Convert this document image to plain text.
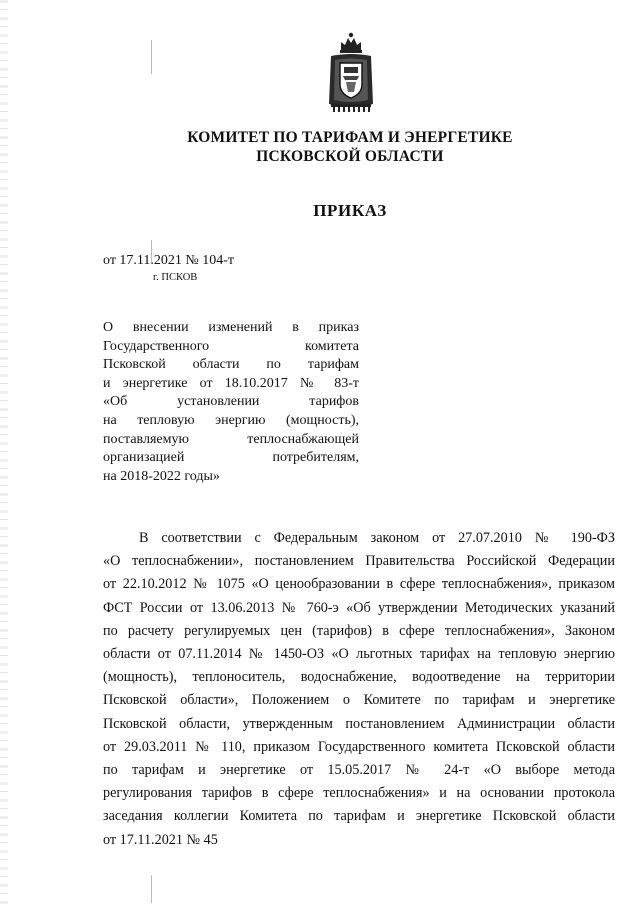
КОМИТЕТ ПО ТАРИФАМ И ЭНЕРГЕТИКЕ
ПСКОВСКОЙ ОБЛАСТИ
ПРИКАЗ
от 17.11.2021 № 104-т
г. ПСКОВ
О внесении изменений в приказ
Государственного комитета
Псковской области по тарифам
и энергетике от 18.10.2017 № 83-т
«Об установлении тарифов
на тепловую энергию (мощность),
поставляемую теплоснабжающей
организацией потребителям,
на 2018-2022 годы»
В соответствии с Федеральным законом от 27.07.2010 № 190-ФЗ
«О теплоснабжении», постановлением Правительства Российской Федерации
от 22.10.2012 № 1075 «О ценообразовании в сфере теплоснабжения», приказом
ФСТ России от 13.06.2013 № 760-э «Об утверждении Методических указаний
по расчету регулируемых цен (тарифов) в сфере теплоснабжения», Законом
области от 07.11.2014 № 1450-ОЗ «О льготных тарифах на тепловую энергию
(мощность), теплоноситель, водоснабжение, водоотведение на территории
Псковской области», Положением о Комитете по тарифам и энергетике
Псковской области, утвержденным постановлением Администрации области
от 29.03.2011 № 110, приказом Государственного комитета Псковской области
по тарифам и энергетике от 15.05.2017 № 24-т «О выборе метода
регулирования тарифов в сфере теплоснабжения» и на основании протокола
заседания коллегии Комитета по тарифам и энергетике Псковской области
от 17.11.2021 № 45
